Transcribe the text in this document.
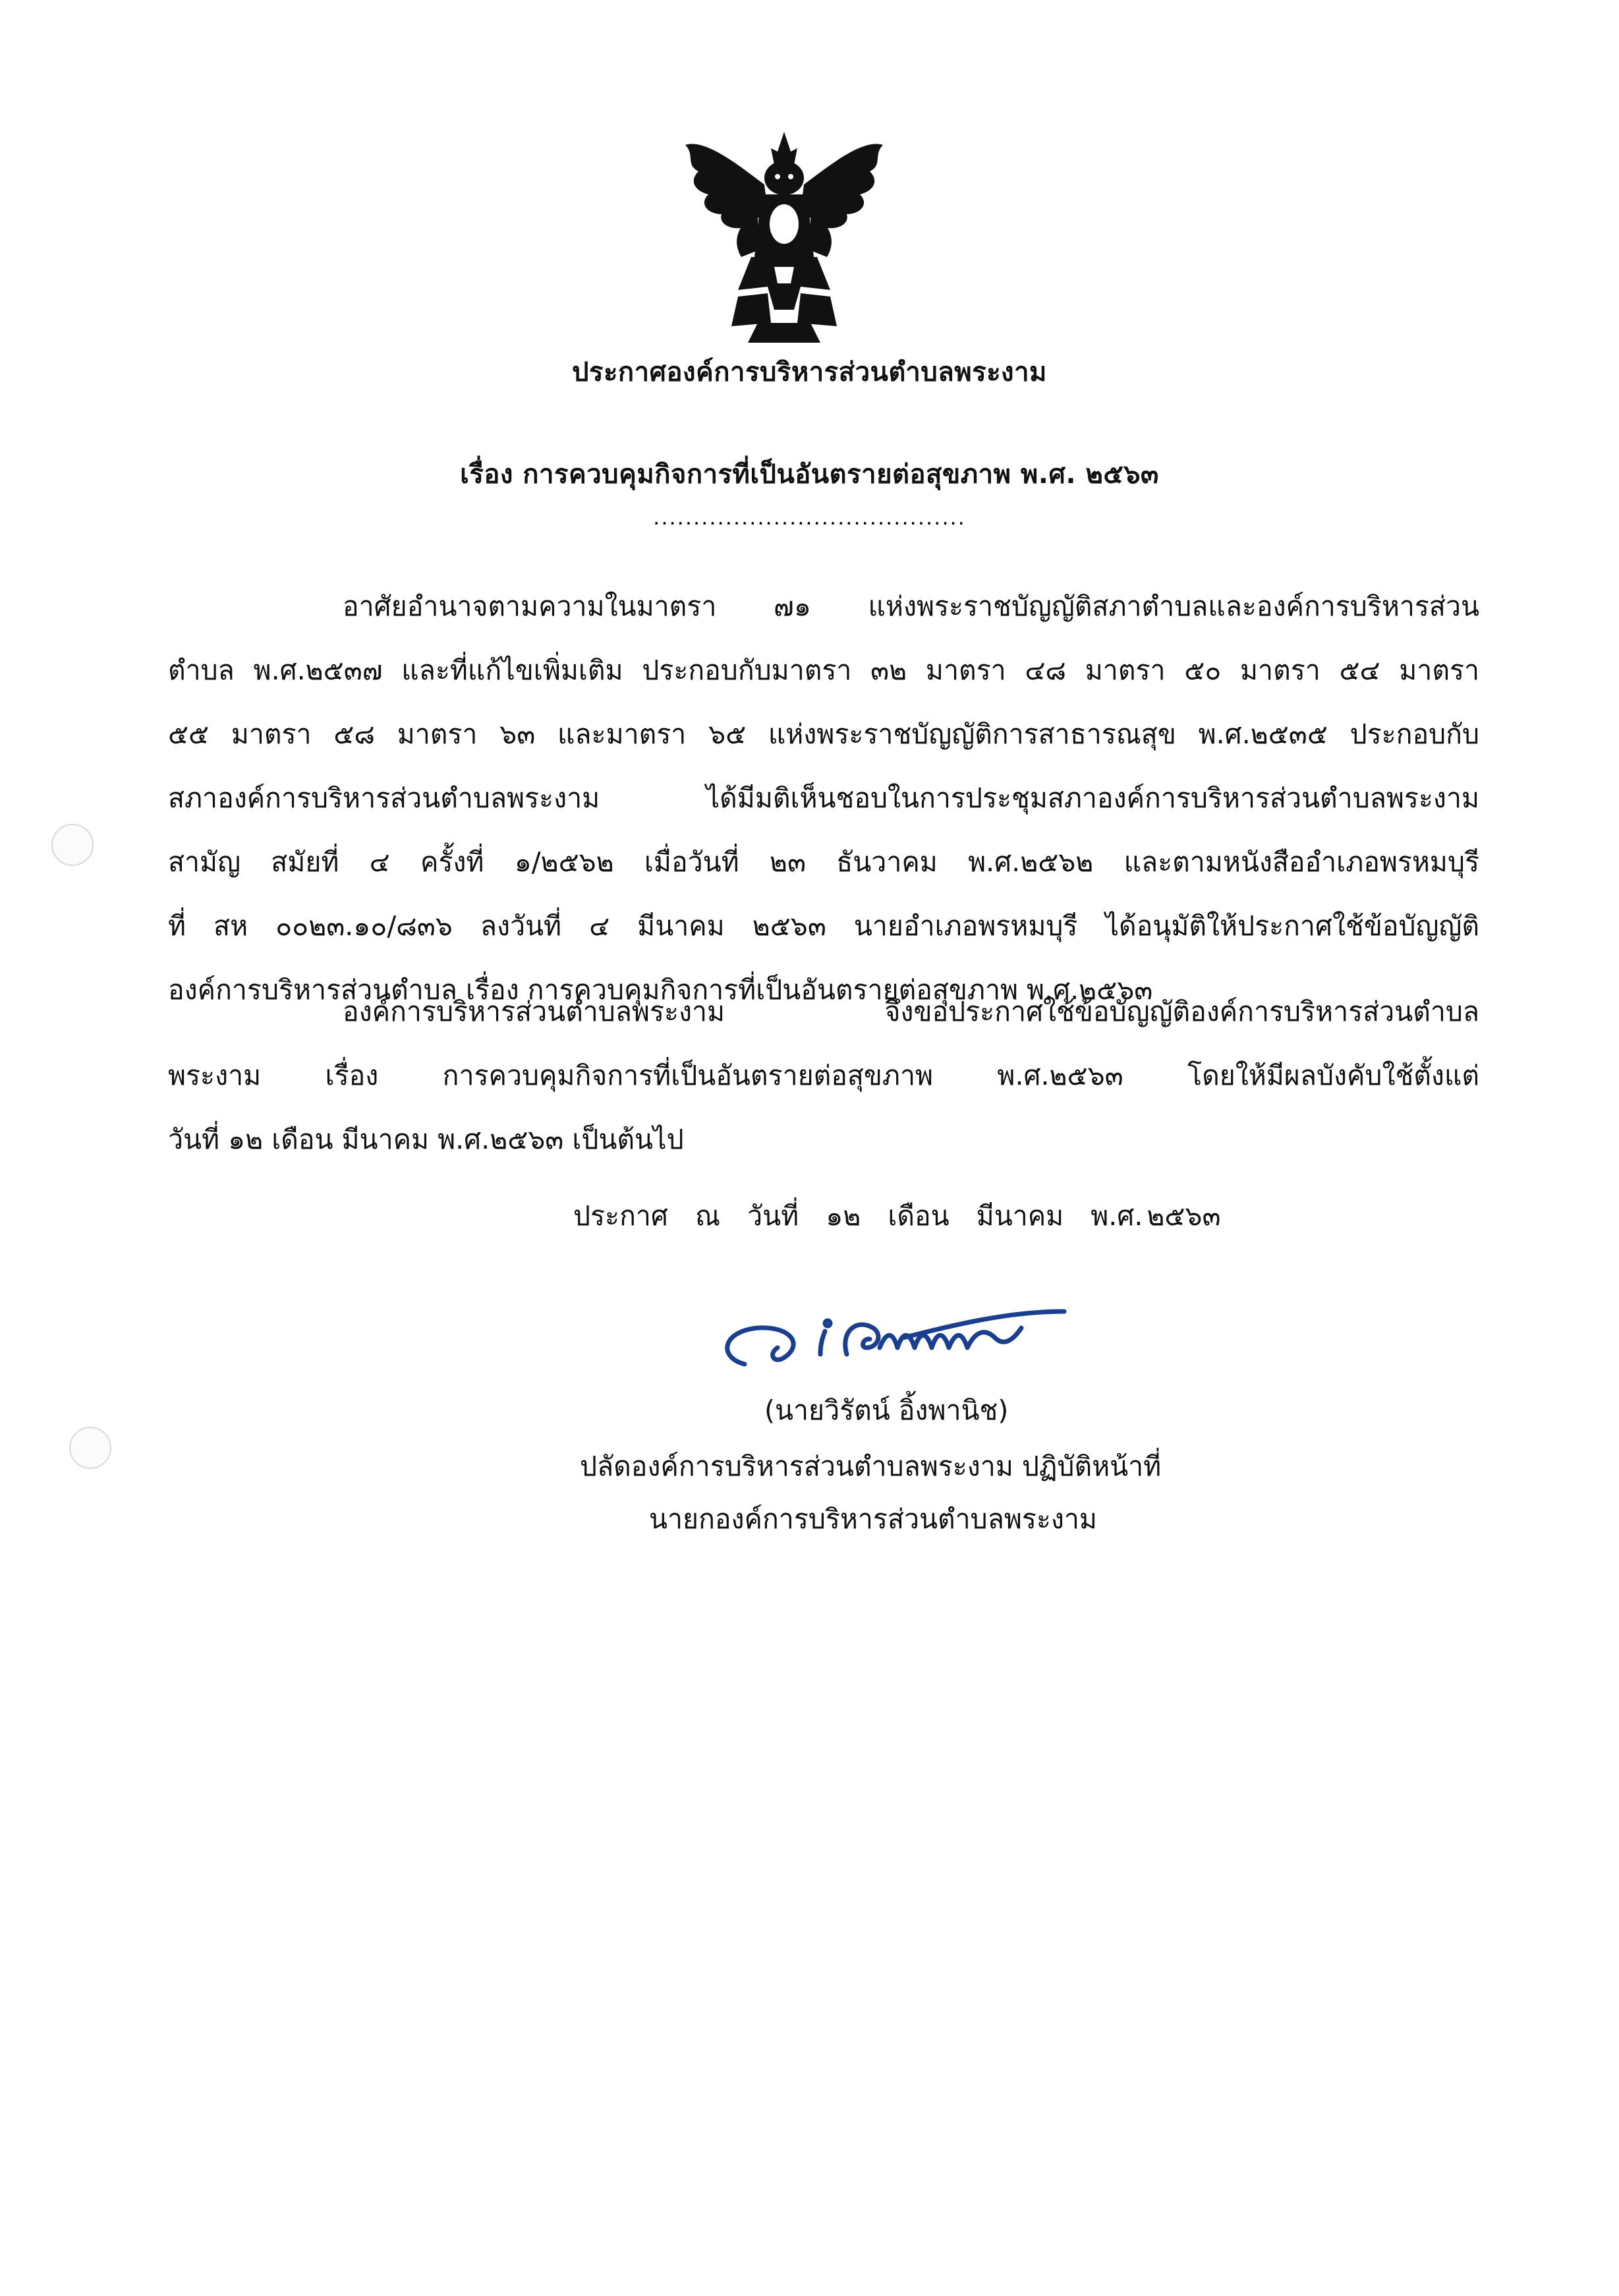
ประกาศองค์การบริหารส่วนตำบลพระงาม
เรื่อง การควบคุมกิจการที่เป็นอันตรายต่อสุขภาพ พ.ศ. ๒๕๖๓
.......................................
อาศัยอำนาจตามความในมาตรา ๗๑ แห่งพระราชบัญญัติสภาตำบลและองค์การบริหารส่วน
ตำบล พ.ศ.๒๕๓๗ และที่แก้ไขเพิ่มเติม ประกอบกับมาตรา ๓๒ มาตรา ๔๘ มาตรา ๕๐ มาตรา ๕๔ มาตรา
๕๕ มาตรา ๕๘ มาตรา ๖๓ และมาตรา ๖๕ แห่งพระราชบัญญัติการสาธารณสุข พ.ศ.๒๕๓๕ ประกอบกับ
สภาองค์การบริหารส่วนตำบลพระงาม ได้มีมติเห็นชอบในการประชุมสภาองค์การบริหารส่วนตำบลพระงาม
สามัญ สมัยที่ ๔ ครั้งที่ ๑/๒๕๖๒ เมื่อวันที่ ๒๓ ธันวาคม พ.ศ.๒๕๖๒ และตามหนังสืออำเภอพรหมบุรี
ที่ สห ๐๐๒๓.๑๐/๘๓๖ ลงวันที่ ๔ มีนาคม ๒๕๖๓ นายอำเภอพรหมบุรี ได้อนุมัติให้ประกาศใช้ข้อบัญญัติ
องค์การบริหารส่วนตำบล เรื่อง การควบคุมกิจการที่เป็นอันตรายต่อสุขภาพ พ.ศ.๒๕๖๓
องค์การบริหารส่วนตำบลพระงาม จึงขอประกาศใช้ข้อบัญญัติองค์การบริหารส่วนตำบล
พระงาม เรื่อง การควบคุมกิจการที่เป็นอันตรายต่อสุขภาพ พ.ศ.๒๕๖๓ โดยให้มีผลบังคับใช้ตั้งแต่
วันที่ ๑๒ เดือน มีนาคม พ.ศ.๒๕๖๓ เป็นต้นไป
ประกาศ ณ วันที่ ๑๒ เดือน มีนาคม พ.ศ. ๒๕๖๓
(นายวิรัตน์ อิ้งพานิช)
ปลัดองค์การบริหารส่วนตำบลพระงาม ปฏิบัติหน้าที่
นายกองค์การบริหารส่วนตำบลพระงาม
